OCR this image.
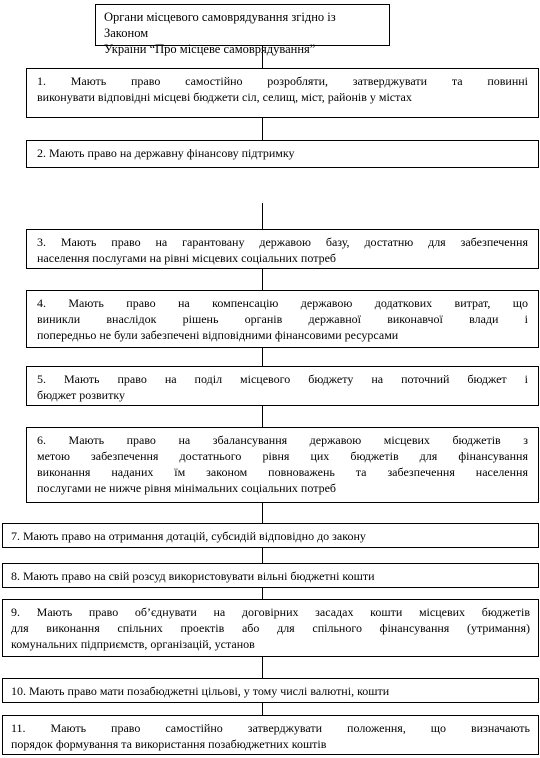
Органи місцевого самоврядування згідно із Законом
України “Про місцеве самоврядування”
1. Мають право самостійно розробляти, затверджувати та повинні
виконувати відповідні місцеві бюджети сіл, селищ, міст, районів у містах
2. Мають право на державну фінансову підтримку
3. Мають право на гарантовану державою базу, достатню для забезпечення
населення послугами на рівні місцевих соціальних потреб
4. Мають право на компенсацію державою додаткових витрат, що
виникли внаслідок рішень органів державної виконавчої влади і
попередньо не були забезпечені відповідними фінансовими ресурсами
5. Мають право на поділ місцевого бюджету на поточний бюджет і
бюджет розвитку
6. Мають право на збалансування державою місцевих бюджетів з
метою забезпечення достатнього рівня цих бюджетів для фінансування
виконання наданих їм законом повноважень та забезпечення населення
послугами не нижче рівня мінімальних соціальних потреб
7. Мають право на отримання дотацій, субсидій відповідно до закону
8. Мають право на свій розсуд використовувати вільні бюджетні кошти
9. Мають право об’єднувати на договірних засадах кошти місцевих бюджетів
для виконання спільних проектів або для спільного фінансування (утримання)
комунальних підприємств, організацій, установ
10. Мають право мати позабюджетні цільові, у тому числі валютні, кошти
11. Мають право самостійно затверджувати положення, що визначають
порядок формування та використання позабюджетних коштів
